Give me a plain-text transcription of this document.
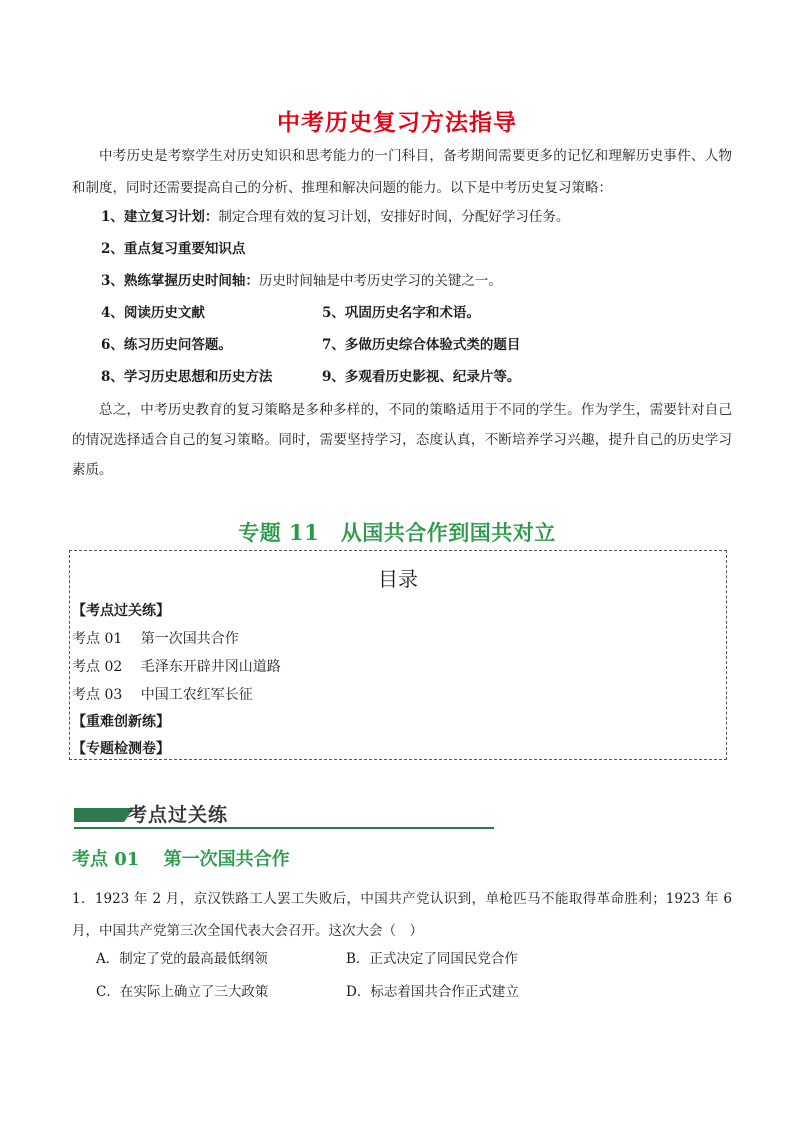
中考历史复习方法指导
中考历史是考察学生对历史知识和思考能力的一门科目，备考期间需要更多的记忆和理解历史事件、人物和制度，同时还需要提高自己的分析、推理和解决问题的能力。以下是中考历史复习策略：
1、建立复习计划：制定合理有效的复习计划，安排好时间，分配好学习任务。
2、重点复习重要知识点
3、熟练掌握历史时间轴：历史时间轴是中考历史学习的关键之一。
4、阅读历史文献	5、巩固历史名字和术语。
6、练习历史问答题。	7、多做历史综合体验式类的题目
8、学习历史思想和历史方法	9、多观看历史影视、纪录片等。
总之，中考历史教育的复习策略是多种多样的，不同的策略适用于不同的学生。作为学生，需要针对自己的情况选择适合自己的复习策略。同时，需要坚持学习，态度认真，不断培养学习兴趣，提升自己的历史学习素质。
专题 11　从国共合作到国共对立
目录
【考点过关练】
考点 01　 第一次国共合作
考点 02　 毛泽东开辟井冈山道路
考点 03　 中国工农红军长征
【重难创新练】
【专题检测卷】
考点过关练
考点 01　 第一次国共合作
1．1923 年 2 月，京汉铁路工人罢工失败后，中国共产党认识到，单枪匹马不能取得革命胜利；1923 年 6 月，中国共产党第三次全国代表大会召开。这次大会（　）
A．制定了党的最高最低纲领	B．正式决定了同国民党合作
C．在实际上确立了三大政策	D．标志着国共合作正式建立
